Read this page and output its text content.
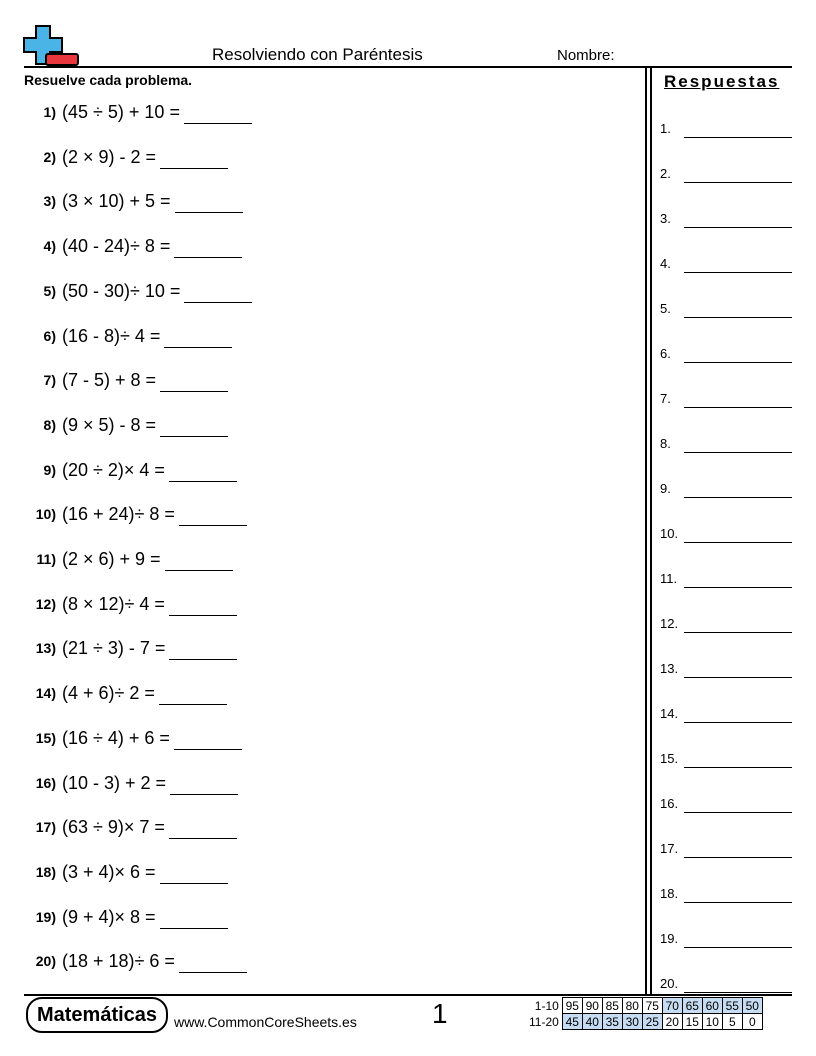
Resolviendo con Paréntesis	Nombre:
Resuelve cada problema.	Respuestas
1) (45 ÷ 5) + 10 =
2) (2 × 9) - 2 =
3) (3 × 10) + 5 =
4) (40 - 24)÷ 8 =
5) (50 - 30)÷ 10 =
6) (16 - 8)÷ 4 =
7) (7 - 5) + 8 =
8) (9 × 5) - 8 =
9) (20 ÷ 2)× 4 =
10) (16 + 24)÷ 8 =
11) (2 × 6) + 9 =
12) (8 × 12)÷ 4 =
13) (21 ÷ 3) - 7 =
14) (4 + 6)÷ 2 =
15) (16 ÷ 4) + 6 =
16) (10 - 3) + 2 =
17) (63 ÷ 9)× 7 =
18) (3 + 4)× 6 =
19) (9 + 4)× 8 =
20) (18 + 18)÷ 6 =
1.
2.
3.
4.
5.
6.
7.
8.
9.
10.
11.
12.
13.
14.
15.
16.
17.
18.
19.
20.
Matemáticas	www.CommonCoreSheets.es	1	1-10	95	90	85	80	75	70	65	60	55	50
11-20	45	40	35	30	25	20	15	10	5	0
